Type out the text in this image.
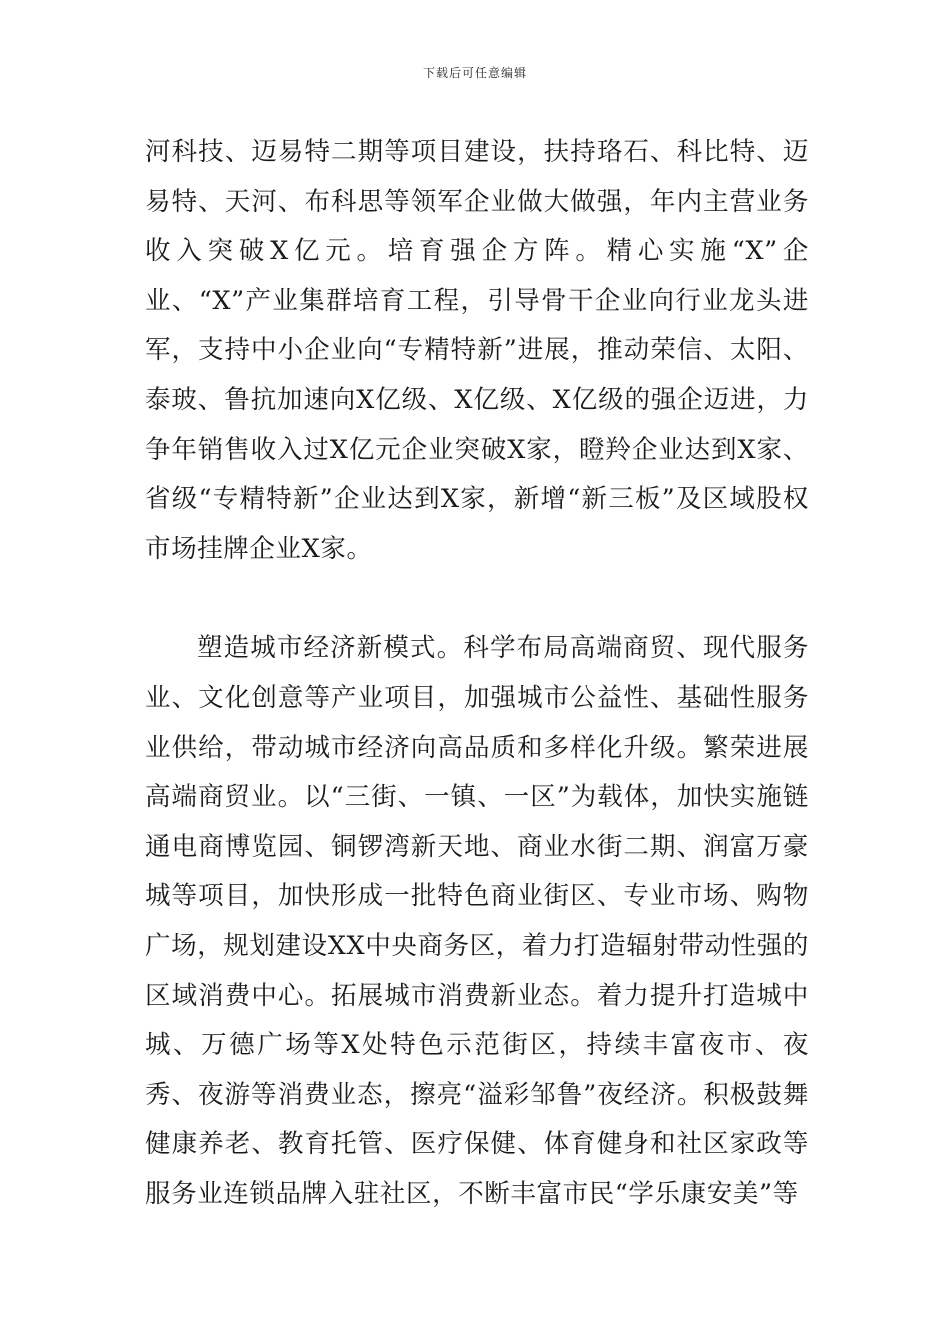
下载后可任意编辑

河科技、迈易特二期等项目建设，扶持珞石、科比特、迈易特、天河、布科思等领军企业做大做强，年内主营业务收入突破X亿元。培育强企方阵。精心实施“X”企业、“X”产业集群培育工程，引导骨干企业向行业龙头进军，支持中小企业向“专精特新”进展，推动荣信、太阳、泰玻、鲁抗加速向X亿级、X亿级、X亿级的强企迈进，力争年销售收入过X亿元企业突破X家，瞪羚企业达到X家、省级“专精特新”企业达到X家，新增“新三板”及区域股权市场挂牌企业X家。

塑造城市经济新模式。科学布局高端商贸、现代服务业、文化创意等产业项目，加强城市公益性、基础性服务业供给，带动城市经济向高品质和多样化升级。繁荣进展高端商贸业。以“三街、一镇、一区”为载体，加快实施链通电商博览园、铜锣湾新天地、商业水街二期、润富万豪城等项目，加快形成一批特色商业街区、专业市场、购物广场，规划建设XX中央商务区，着力打造辐射带动性强的区域消费中心。拓展城市消费新业态。着力提升打造城中城、万德广场等X处特色示范街区，持续丰富夜市、夜秀、夜游等消费业态，擦亮“溢彩邹鲁”夜经济。积极鼓舞健康养老、教育托管、医疗保健、体育健身和社区家政等服务业连锁品牌入驻社区，不断丰富市民“学乐康安美”等
